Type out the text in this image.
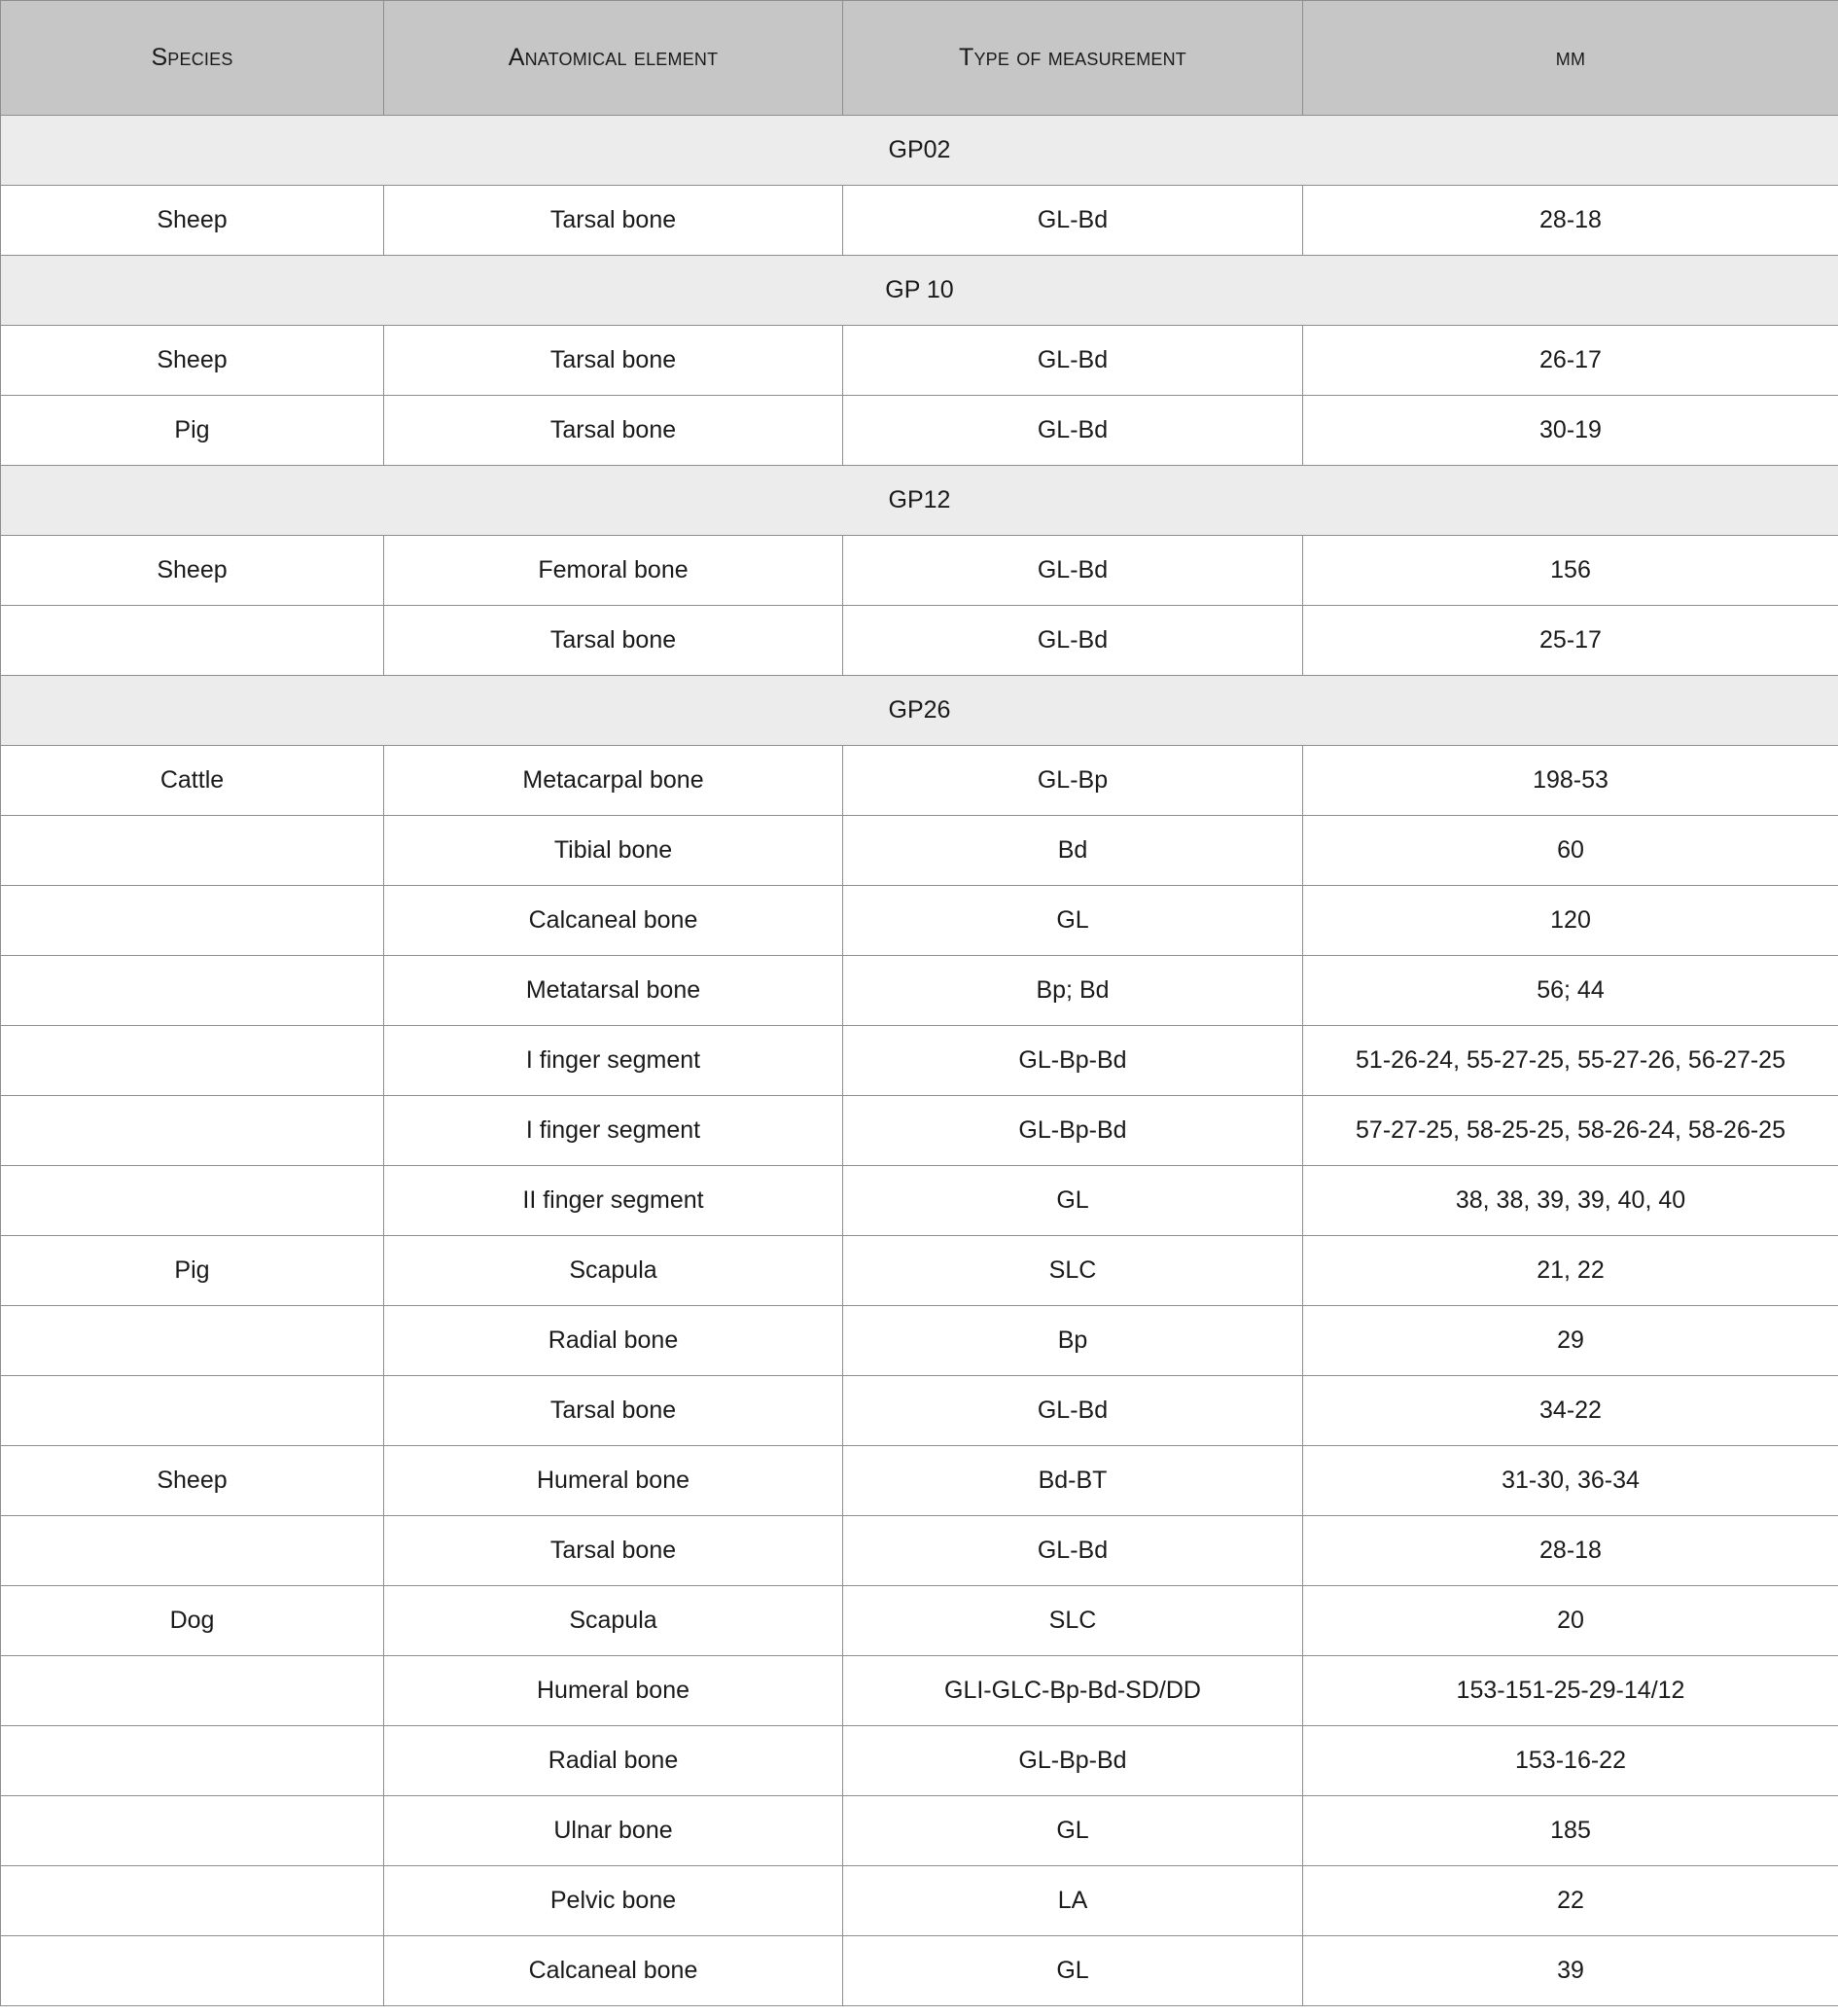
Species	Anatomical element	Type of measurement	mm
GP02			
Sheep	Tarsal bone	GL-Bd	28-18
GP 10			
Sheep	Tarsal bone	GL-Bd	26-17
Pig	Tarsal bone	GL-Bd	30-19
GP12			
Sheep	Femoral bone	GL-Bd	156
	Tarsal bone	GL-Bd	25-17
GP26			
Cattle	Metacarpal bone	GL-Bp	198-53
	Tibial bone	Bd	60
	Calcaneal bone	GL	120
	Metatarsal bone	Bp; Bd	56; 44
	I finger segment	GL-Bp-Bd	51-26-24, 55-27-25, 55-27-26, 56-27-25
	I finger segment	GL-Bp-Bd	57-27-25, 58-25-25, 58-26-24, 58-26-25
	II finger segment	GL	38, 38, 39, 39, 40, 40
Pig	Scapula	SLC	21, 22
	Radial bone	Bp	29
	Tarsal bone	GL-Bd	34-22
Sheep	Humeral bone	Bd-BT	31-30, 36-34
	Tarsal bone	GL-Bd	28-18
Dog	Scapula	SLC	20
	Humeral bone	GLI-GLC-Bp-Bd-SD/DD	153-151-25-29-14/12
	Radial bone	GL-Bp-Bd	153-16-22
	Ulnar bone	GL	185
	Pelvic bone	LA	22
	Calcaneal bone	GL	39
